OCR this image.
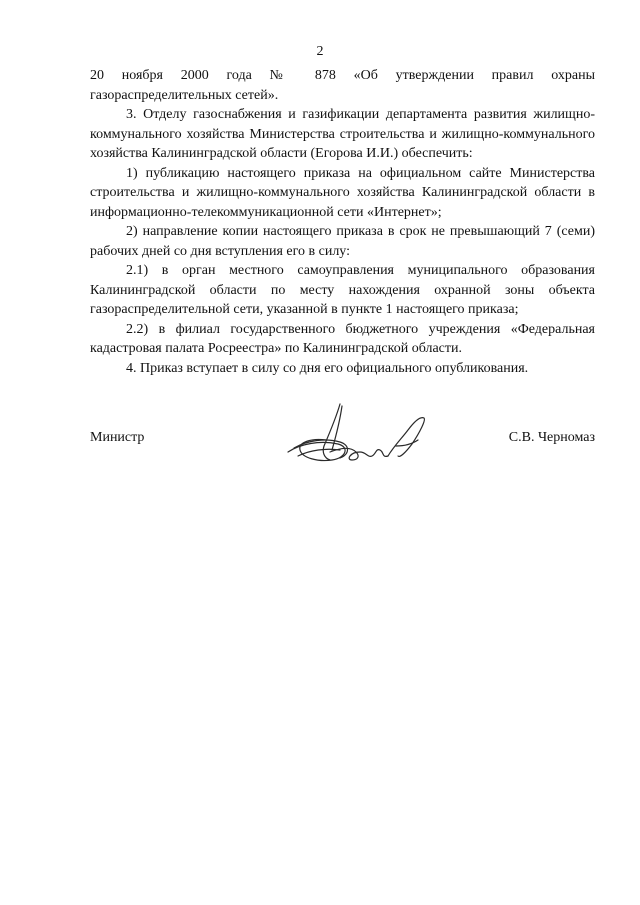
2

20 ноября 2000 года № 878 «Об утверждении правил охраны

газораспределительных сетей».

3. Отделу газоснабжения и газификации департамента развития жилищно-коммунального хозяйства Министерства строительства и жилищно-коммунального хозяйства Калининградской области (Егорова И.И.) обеспечить:

1) публикацию настоящего приказа на официальном сайте Министерства строительства и жилищно-коммунального хозяйства Калининградской области в информационно-телекоммуникационной сети «Интернет»;

2) направление копии настоящего приказа в срок не превышающий 7 (семи) рабочих дней со дня вступления его в силу:

2.1) в орган местного самоуправления муниципального образования Калининградской области по месту нахождения охранной зоны объекта газораспределительной сети, указанной в пункте 1 настоящего приказа;

2.2) в филиал государственного бюджетного учреждения «Федеральная кадастровая палата Росреестра» по Калининградской области.

4. Приказ вступает в силу со дня его официального опубликования.

Министр	С.В. Черномаз
